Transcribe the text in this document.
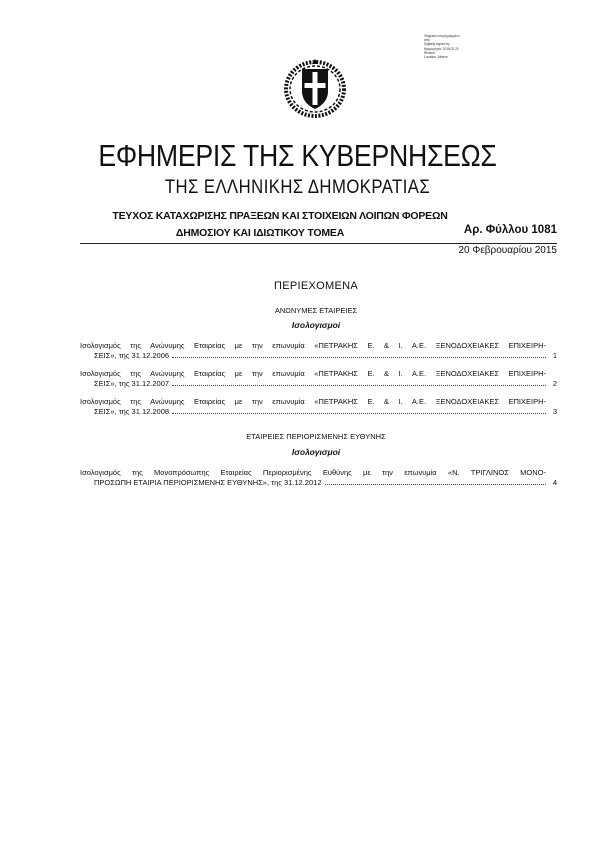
Ψηφιακά υπογεγραμμένο
από
Digitally signed by
Ημερομηνία: 2015.02.20
Reason:
Location: Athens
ΕΦΗΜΕΡΙΣ ΤΗΣ ΚΥΒΕΡΝΗΣΕΩΣ
ΤΗΣ ΕΛΛΗΝΙΚΗΣ ΔΗΜΟΚΡΑΤΙΑΣ
ΤΕΥΧΟΣ ΚΑΤΑΧΩΡΙΣΗΣ ΠΡΑΞΕΩΝ ΚΑΙ ΣΤΟΙΧΕΙΩΝ ΛΟΙΠΩΝ ΦΟΡΕΩΝ
ΔΗΜΟΣΙΟΥ ΚΑΙ ΙΔΙΩΤΙΚΟΥ ΤΟΜΕΑ	Αρ. Φύλλου 1081
20 Φεβρουαρίου 2015
ΠΕΡΙΕΧΟΜΕΝΑ
ΑΝΩΝΥΜΕΣ ΕΤΑΙΡΕΙΕΣ
Ισολογισμοί
Ισολογισμός της Ανώνυμης Εταιρείας με την επωνυμία «ΠΕΤΡΑΚΗΣ Ε. & Ι. Α.Ε. ΞΕΝΟΔΟΧΕΙΑΚΕΣ ΕΠΙΧΕΙΡΗ-
ΣΕΙΣ», της 31.12.2006	1
Ισολογισμός της Ανώνυμης Εταιρείας με την επωνυμία «ΠΕΤΡΑΚΗΣ Ε. & Ι. Α.Ε. ΞΕΝΟΔΟΧΕΙΑΚΕΣ ΕΠΙΧΕΙΡΗ-
ΣΕΙΣ», της 31.12.2007	2
Ισολογισμός της Ανώνυμης Εταιρείας με την επωνυμία «ΠΕΤΡΑΚΗΣ Ε. & Ι. Α.Ε. ΞΕΝΟΔΟΧΕΙΑΚΕΣ ΕΠΙΧΕΙΡΗ-
ΣΕΙΣ», της 31.12.2008	3
ΕΤΑΙΡΕΙΕΣ ΠΕΡΙΟΡΙΣΜΕΝΗΣ ΕΥΘΥΝΗΣ
Ισολογισμοί
Ισολογισμός της Μονοπρόσωπης Εταιρείας Περιορισμένης Ευθύνης με την επωνυμία «Ν. ΤΡΙΓΛΙΝΟΣ ΜΟΝΟ-
ΠΡΟΣΩΠΗ ΕΤΑΙΡΙΑ ΠΕΡΙΟΡΙΣΜΕΝΗΣ ΕΥΘΥΝΗΣ», της 31.12.2012	4
